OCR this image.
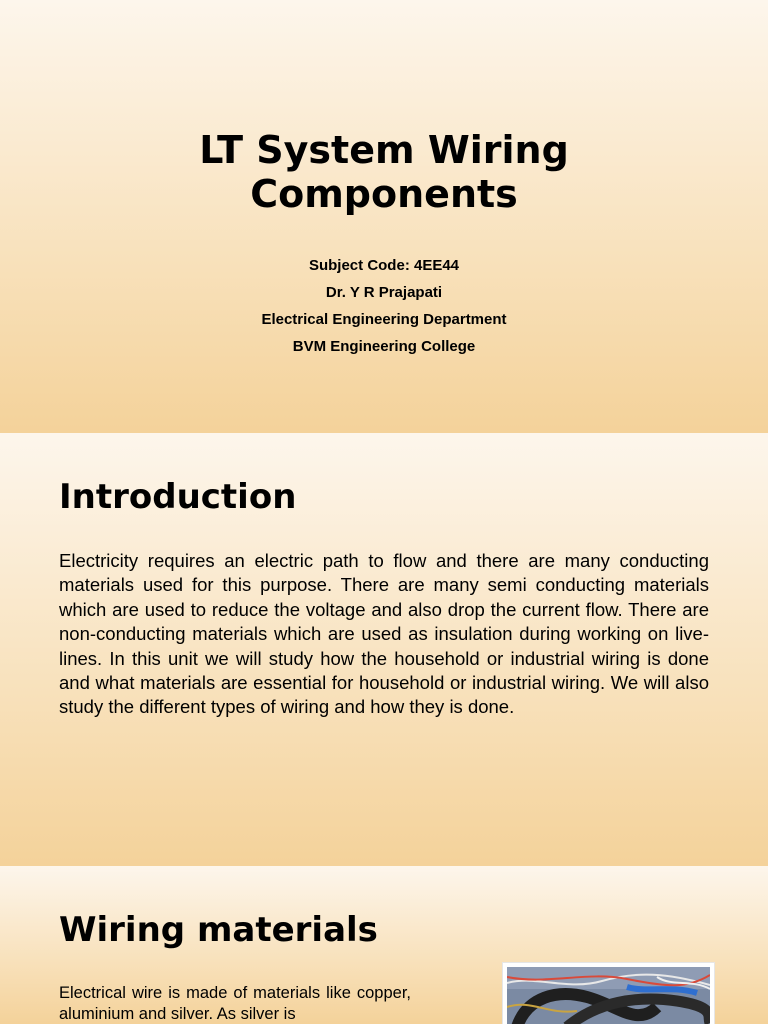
LT System Wiring
Components
Subject Code: 4EE44
Dr. Y R Prajapati
Electrical Engineering Department
BVM Engineering College
Introduction
Electricity requires an electric path to flow and there are many conducting materials used for this purpose. There are many semi conducting materials which are used to reduce the voltage and also drop the current flow. There are non-conducting materials which are used as insulation during working on live-lines. In this unit we will study how the household or industrial wiring is done and what materials are essential for household or industrial wiring. We will also study the different types of wiring and how they is done.
Wiring materials
Electrical wire is made of materials like copper, aluminium and silver. As silver is
